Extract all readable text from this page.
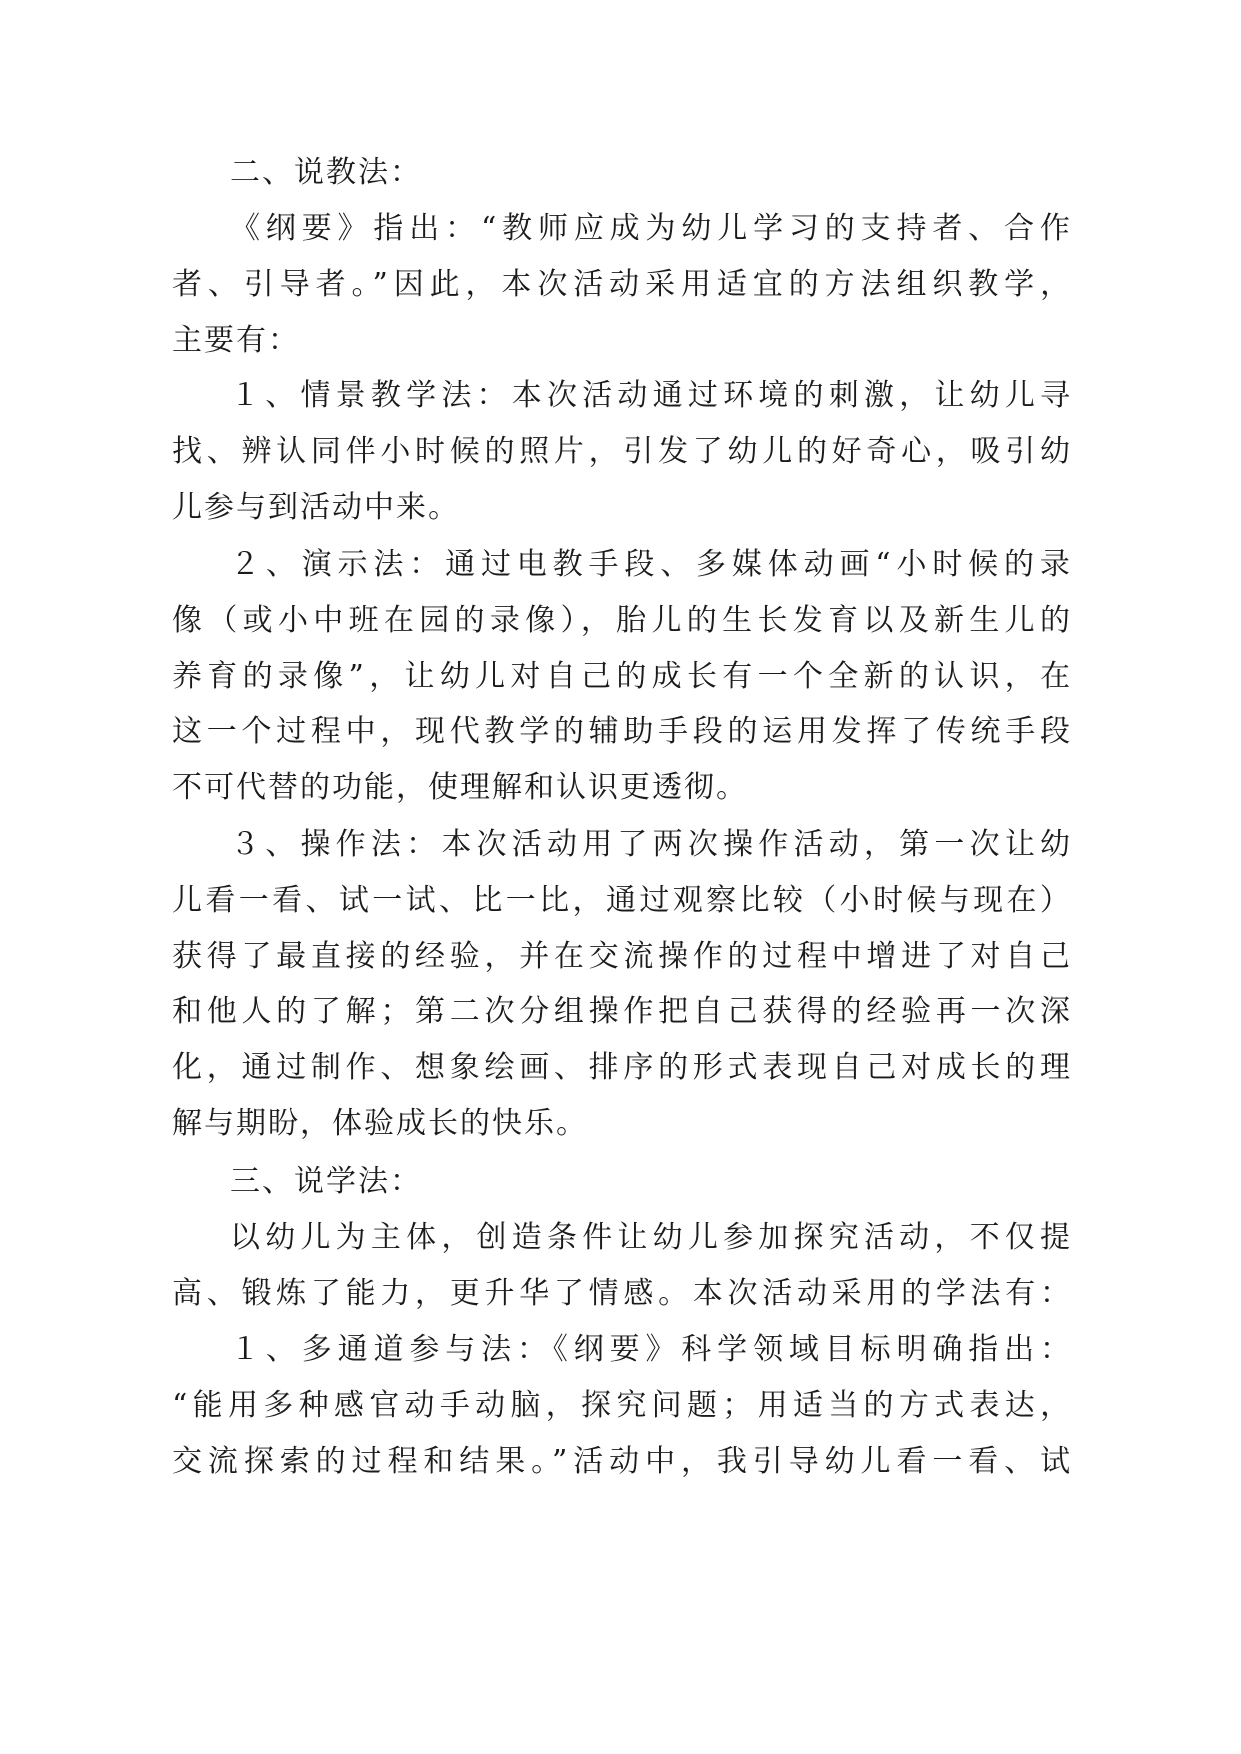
二、说教法：

《纲要》指出：“教师应成为幼儿学习的支持者、合作

者、引导者。”因此，本次活动采用适宜的方法组织教学，

主要有：

１、情景教学法：本次活动通过环境的刺激，让幼儿寻

找、辨认同伴小时候的照片，引发了幼儿的好奇心，吸引幼

儿参与到活动中来。

２、演示法：通过电教手段、多媒体动画“小时候的录

像（或小中班在园的录像），胎儿的生长发育以及新生儿的

养育的录像”，让幼儿对自己的成长有一个全新的认识，在

这一个过程中，现代教学的辅助手段的运用发挥了传统手段

不可代替的功能，使理解和认识更透彻。

３、操作法：本次活动用了两次操作活动，第一次让幼

儿看一看、试一试、比一比，通过观察比较（小时候与现在）

获得了最直接的经验，并在交流操作的过程中增进了对自己

和他人的了解；第二次分组操作把自己获得的经验再一次深

化，通过制作、想象绘画、排序的形式表现自己对成长的理

解与期盼，体验成长的快乐。

三、说学法：

以幼儿为主体，创造条件让幼儿参加探究活动，不仅提

高、锻炼了能力，更升华了情感。本次活动采用的学法有：

１、多通道参与法：《纲要》科学领域目标明确指出：

“能用多种感官动手动脑，探究问题；用适当的方式表达，

交流探索的过程和结果。”活动中，我引导幼儿看一看、试
